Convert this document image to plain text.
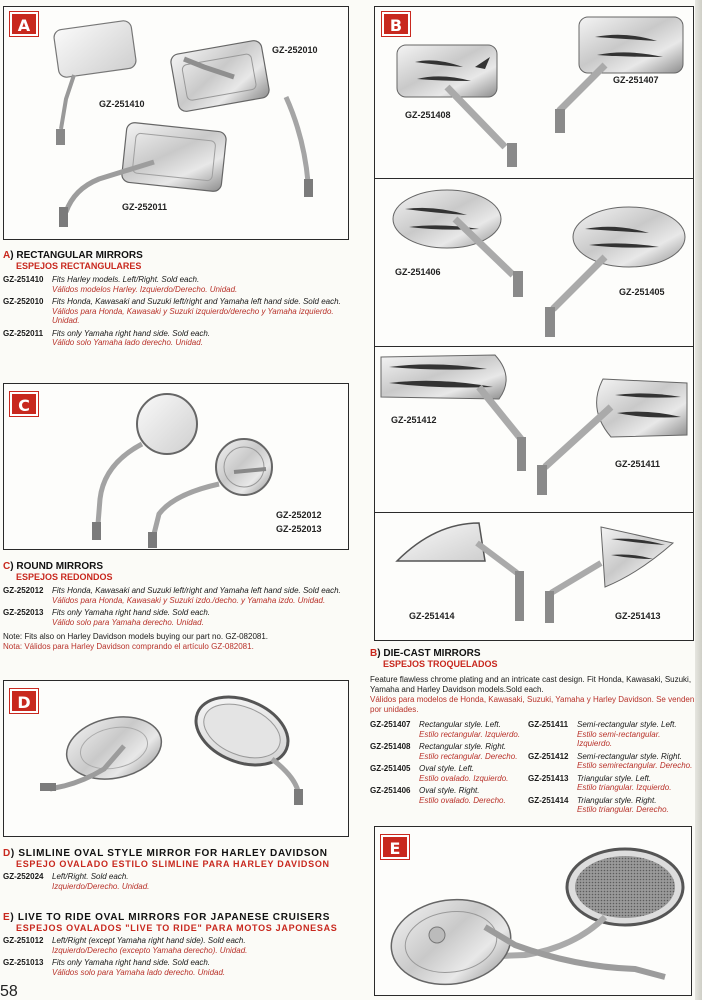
A
GZ-252010
GZ-251410
GZ-252011
A) RECTANGULAR MIRRORS
ESPEJOS RECTANGULARES
GZ-251410	Fits Harley models. Left/Right. Sold each.
Válidos modelos Harley. Izquierdo/Derecho. Unidad.
GZ-252010	Fits Honda, Kawasaki and Suzuki left/right and Yamaha left hand side. Sold each.
Válidos para Honda, Kawasaki y Suzuki izquierdo/derecho y Yamaha izquierdo. Unidad.
GZ-252011	Fits only Yamaha right hand side. Sold each.
Válido solo Yamaha lado derecho. Unidad.
C
GZ-252012
GZ-252013
C) ROUND MIRRORS
ESPEJOS REDONDOS
GZ-252012	Fits Honda, Kawasaki and Suzuki left/right and Yamaha left hand side. Sold each.
Válidos para Honda, Kawasaki y Suzuki izdo./decho. y Yamaha izdo. Unidad.
GZ-252013	Fits only Yamaha right hand side. Sold each.
Válido solo para Yamaha derecho. Unidad.
Note: Fits also on Harley Davidson models buying our part no. GZ-082081.
Nota: Válidos para Harley Davidson comprando el artículo GZ-082081.
D
D) SLIMLINE OVAL STYLE MIRROR FOR HARLEY DAVIDSON
ESPEJO OVALADO ESTILO SLIMLINE PARA HARLEY DAVIDSON
GZ-252024	Left/Right. Sold each.
Izquierdo/Derecho. Unidad.
E) LIVE TO RIDE OVAL MIRRORS FOR JAPANESE CRUISERS
ESPEJOS OVALADOS "LIVE TO RIDE" PARA MOTOS JAPONESAS
GZ-251012	Left/Right (except Yamaha right hand side). Sold each.
Izquierdo/Derecho (excepto Yamaha derecho). Unidad.
GZ-251013	Fits only Yamaha right hand side. Sold each.
Válidos solo para Yamaha lado derecho. Unidad.
58
B
GZ-251408
GZ-251407
GZ-251406
GZ-251405
GZ-251412
GZ-251411
GZ-251414	GZ-251413
B) DIE-CAST MIRRORS
ESPEJOS TROQUELADOS
Feature flawless chrome plating and an intricate cast design. Fit Honda, Kawasaki, Suzuki, Yamaha and Harley Davidson models.Sold each.
Válidos para modelos de Honda, Kawasaki, Suzuki, Yamaha y Harley Davidson. Se venden por unidades.
GZ-251407	Rectangular style. Left.
Estilo rectangular. Izquierdo.
GZ-251408	Rectangular style. Right.
Estilo rectangular. Derecho.
GZ-251405	Oval style. Left.
Estilo ovalado. Izquierdo.
GZ-251406	Oval style. Right.
Estilo ovalado. Derecho.
GZ-251411	Semi-rectangular style. Left.
Estilo semi-rectangular. Izquierdo.
GZ-251412	Semi-rectangular style. Right.
Estilo semirectangular. Derecho.
GZ-251413	Triangular style. Left.
Estilo triangular. Izquierdo.
GZ-251414	Triangular style. Right.
Estilo triangular. Derecho.
E
